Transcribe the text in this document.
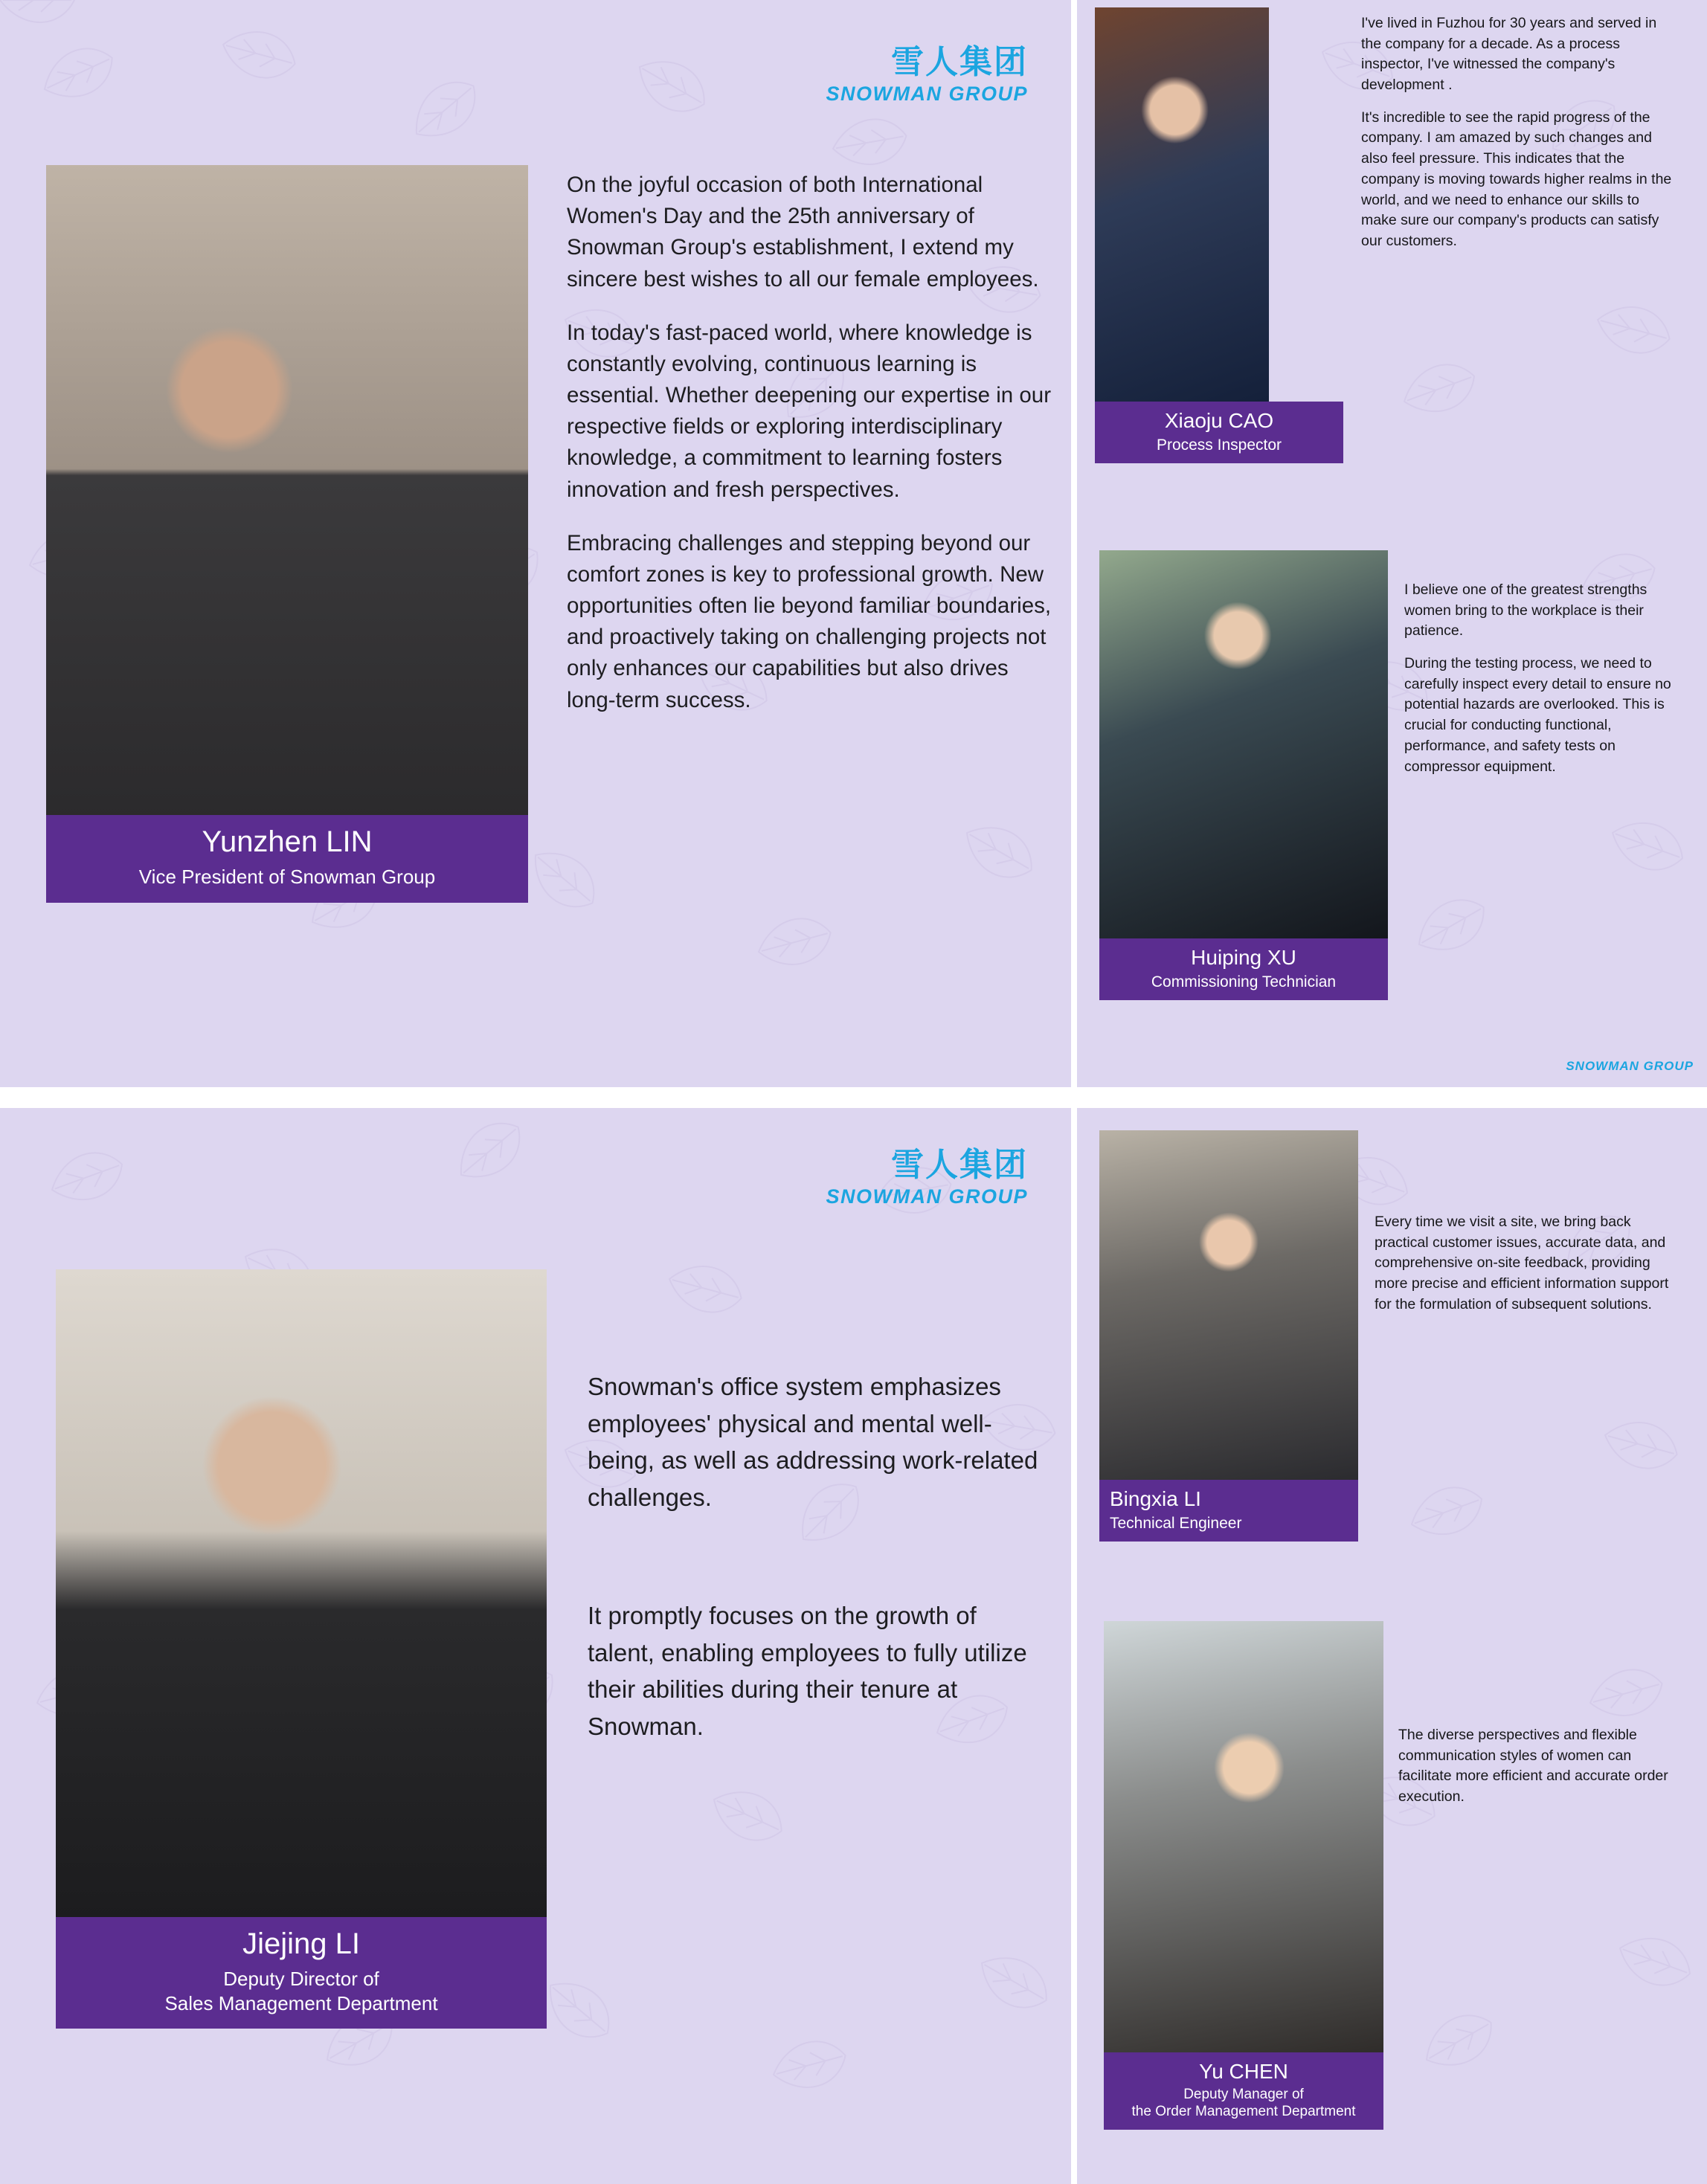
雪人集团
SNOWMAN GROUP
Yunzhen LIN
Vice President of Snowman Group

On the joyful occasion of both International Women's Day and the 25th anniversary of Snowman Group's establishment, I extend my sincere best wishes to all our female employees.

In today's fast-paced world, where knowledge is constantly evolving, continuous learning is essential. Whether deepening our expertise in our respective fields or exploring interdisciplinary knowledge, a commitment to learning fosters innovation and fresh perspectives.

Embracing challenges and stepping beyond our comfort zones is key to professional growth. New opportunities often lie beyond familiar boundaries, and proactively taking on challenging projects not only enhances our capabilities but also drives long-term success.

Xiaoju CAO
Process Inspector

I've lived in Fuzhou for 30 years and served in the company for a decade. As a process inspector, I've witnessed the company's development .

It's incredible to see the rapid progress of the company. I am amazed by such changes and also feel pressure. This indicates that the company is moving towards higher realms in the world, and we need to enhance our skills to make sure our company's products can satisfy our customers.

Huiping XU
Commissioning Technician

I believe one of the greatest strengths women bring to the workplace is their patience.

During the testing process, we need to carefully inspect every detail to ensure no potential hazards are overlooked. This is crucial for conducting functional, performance, and safety tests on compressor equipment.

SNOWMAN GROUP
雪人集团
SNOWMAN GROUP
Jiejing LI
Deputy Director of
Sales Management Department

Snowman's office system emphasizes employees' physical and mental well-being, as well as addressing work-related challenges.

It promptly focuses on the growth of talent, enabling employees to fully utilize their abilities during their tenure at Snowman.

Bingxia LI
Technical Engineer

Every time we visit a site, we bring back practical customer issues, accurate data, and comprehensive on-site feedback, providing more precise and efficient information support for the formulation of subsequent solutions.

Yu CHEN
Deputy Manager of
the Order Management Department

The diverse perspectives and flexible communication styles of women can facilitate more efficient and accurate order execution.
